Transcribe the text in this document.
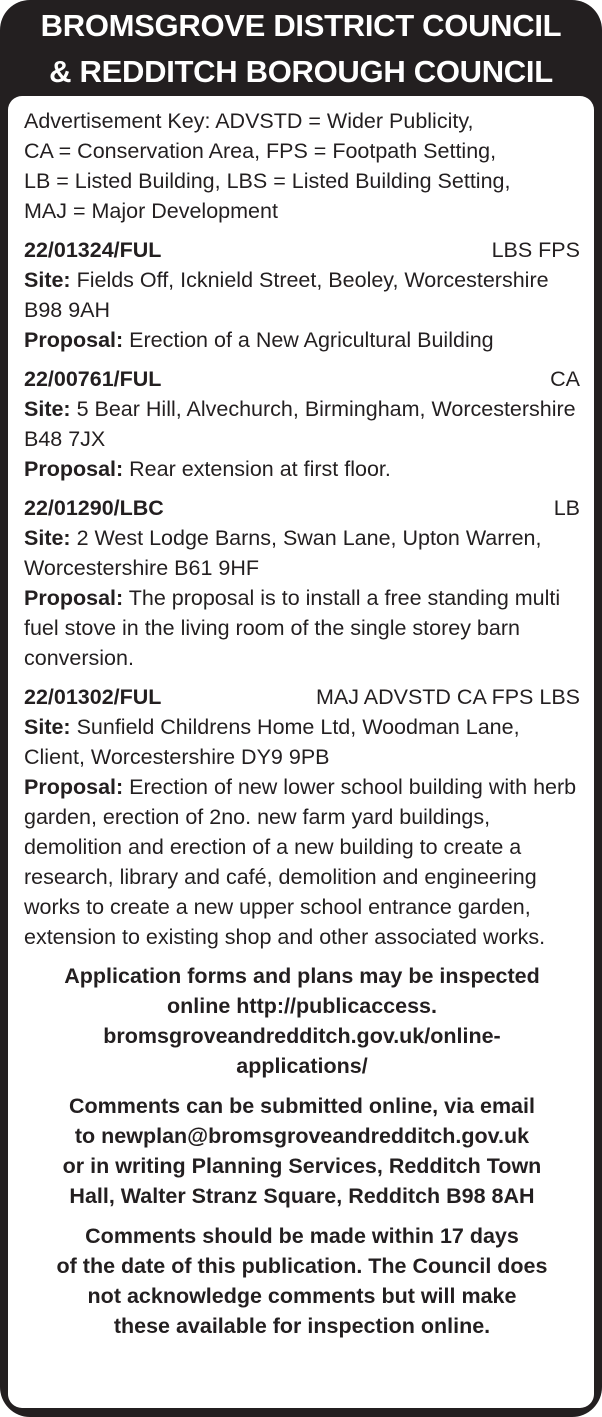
BROMSGROVE DISTRICT COUNCIL
& REDDITCH BOROUGH COUNCIL
Advertisement Key: ADVSTD = Wider Publicity,
CA = Conservation Area, FPS = Footpath Setting,
LB = Listed Building, LBS = Listed Building Setting,
MAJ = Major Development
22/01324/FUL	LBS FPS
Site: Fields Off, Icknield Street, Beoley, Worcestershire B98 9AH
Proposal: Erection of a New Agricultural Building
22/00761/FUL	CA
Site: 5 Bear Hill, Alvechurch, Birmingham, Worcestershire B48 7JX
Proposal: Rear extension at first floor.
22/01290/LBC	LB
Site: 2 West Lodge Barns, Swan Lane, Upton Warren, Worcestershire B61 9HF
Proposal: The proposal is to install a free standing multi fuel stove in the living room of the single storey barn conversion.
22/01302/FUL	MAJ ADVSTD CA FPS LBS
Site: Sunfield Childrens Home Ltd, Woodman Lane, Client, Worcestershire DY9 9PB
Proposal: Erection of new lower school building with herb garden, erection of 2no. new farm yard buildings, demolition and erection of a new building to create a research, library and café, demolition and engineering works to create a new upper school entrance garden, extension to existing shop and other associated works.
Application forms and plans may be inspected
online http://publicaccess.
bromsgroveandredditch.gov.uk/online-
applications/
Comments can be submitted online, via email
to newplan@bromsgroveandredditch.gov.uk
or in writing Planning Services, Redditch Town
Hall, Walter Stranz Square, Redditch B98 8AH
Comments should be made within 17 days
of the date of this publication. The Council does
not acknowledge comments but will make
these available for inspection online.
